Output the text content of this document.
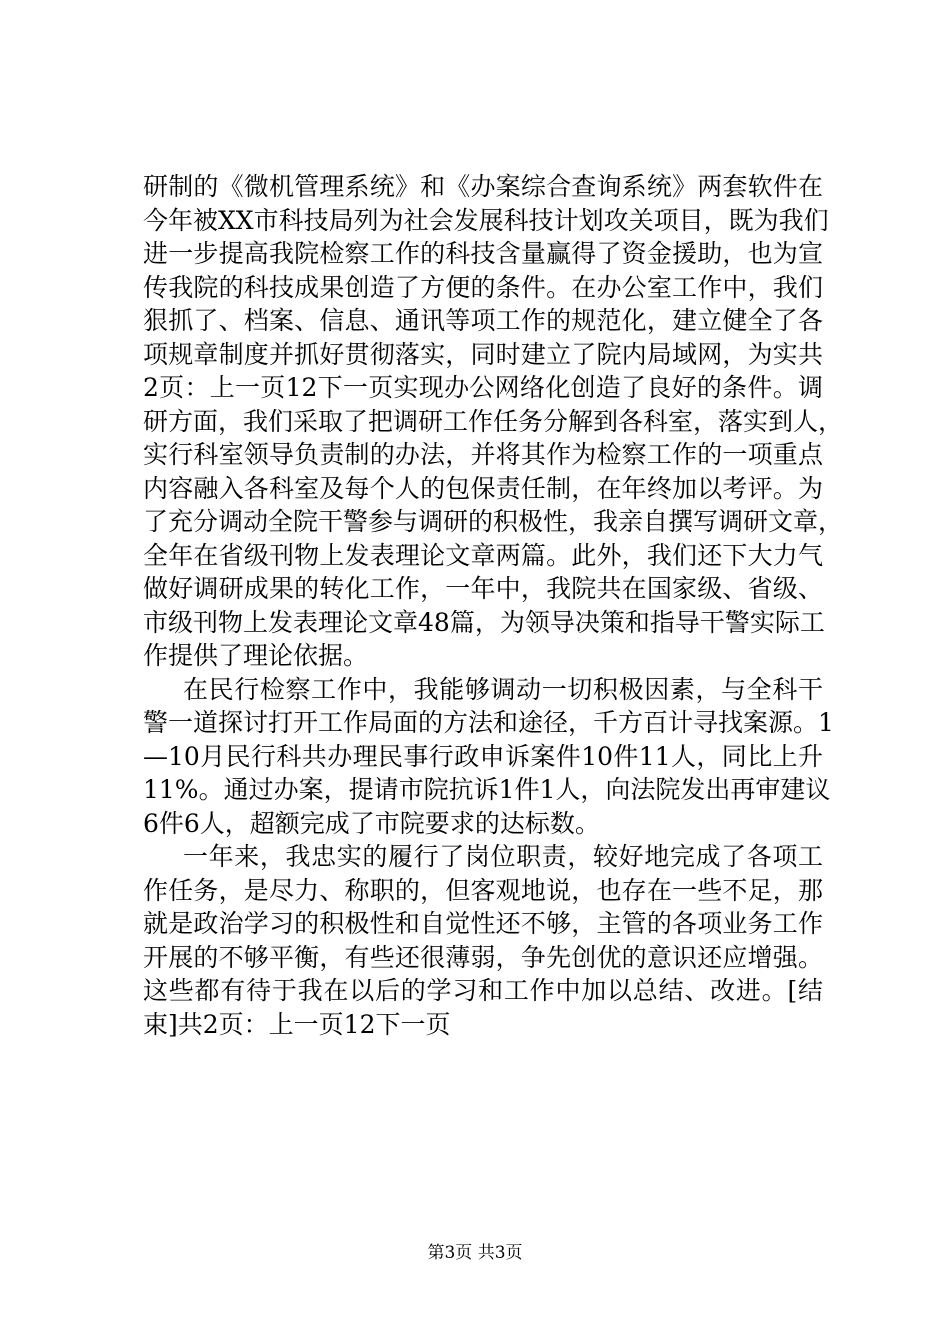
研制的《微机管理系统》和《办案综合查询系统》两套软件在
今年被XX市科技局列为社会发展科技计划攻关项目，既为我们
进一步提高我院检察工作的科技含量赢得了资金援助，也为宣
传我院的科技成果创造了方便的条件。在办公室工作中，我们
狠抓了、档案、信息、通讯等项工作的规范化，建立健全了各
项规章制度并抓好贯彻落实，同时建立了院内局域网，为实共
2页：上一页12下一页实现办公网络化创造了良好的条件。调
研方面，我们采取了把调研工作任务分解到各科室，落实到人，
实行科室领导负责制的办法，并将其作为检察工作的一项重点
内容融入各科室及每个人的包保责任制，在年终加以考评。为
了充分调动全院干警参与调研的积极性，我亲自撰写调研文章，
全年在省级刊物上发表理论文章两篇。此外，我们还下大力气
做好调研成果的转化工作，一年中，我院共在国家级、省级、
市级刊物上发表理论文章48篇，为领导决策和指导干警实际工
作提供了理论依据。
在民行检察工作中，我能够调动一切积极因素，与全科干
警一道探讨打开工作局面的方法和途径，千方百计寻找案源。1
—10月民行科共办理民事行政申诉案件10件11人，同比上升
11%。通过办案，提请市院抗诉1件1人，向法院发出再审建议
6件6人，超额完成了市院要求的达标数。
一年来，我忠实的履行了岗位职责，较好地完成了各项工
作任务，是尽力、称职的，但客观地说，也存在一些不足，那
就是政治学习的积极性和自觉性还不够，主管的各项业务工作
开展的不够平衡，有些还很薄弱，争先创优的意识还应增强。
这些都有待于我在以后的学习和工作中加以总结、改进。[结
束]共2页：上一页12下一页
第3页 共3页
